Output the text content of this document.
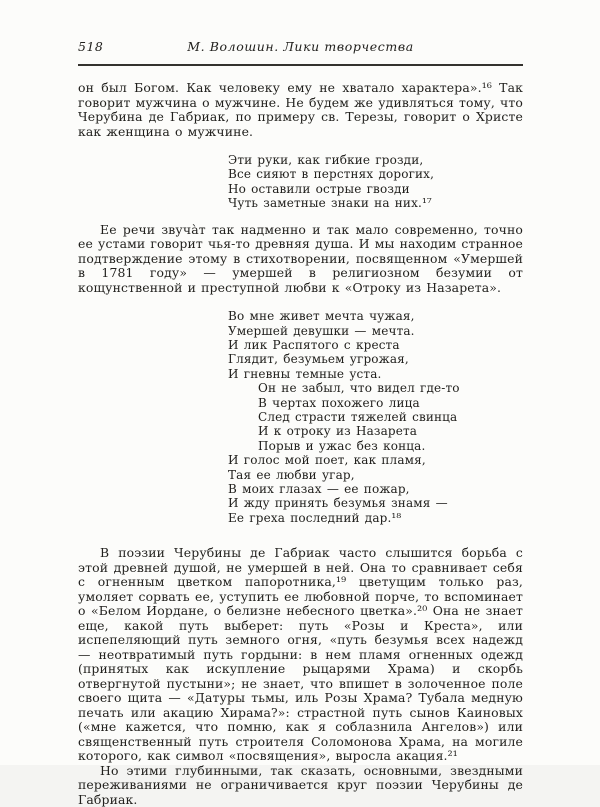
518	М. Волошин. Лики творчества

он был Богом. Как человеку ему не хватало характера».¹⁶ Так говорит мужчина о мужчине. Не будем же удивляться тому, что Черубина де Габриак, по примеру св. Терезы, говорит о Христе как женщина о мужчине.

Эти руки, как гибкие грозди,
Все сияют в перстнях дорогих,
Но оставили острые гвозди
Чуть заметные знаки на них.¹⁷

Ее речи звуча̀т так надменно и так мало современно, точно ее устами говорит чья-то древняя душа. И мы находим странное подтверждение этому в стихотворении, посвященном «Умершей в 1781 году» — умершей в религиозном безумии от кощунственной и преступной любви к «Отроку из Назарета».

Во мне живет мечта чужая,
Умершей девушки — мечта.
И лик Распятого с креста
Глядит, безумьем угрожая,
И гневны темные уста.
Он не забыл, что видел где-то
В чертах похожего лица
След страсти тяжелей свинца
И к отроку из Назарета
Порыв и ужас без конца.
И голос мой поет, как пламя,
Тая ее любви угар,
В моих глазах — ее пожар,
И жду принять безумья знамя —
Ее греха последний дар.¹⁸

В поэзии Черубины де Габриак часто слышится борьба с этой древней душой, не умершей в ней. Она то сравнивает себя с огненным цветком папоротника,¹⁹ цветущим только раз, умоляет сорвать ее, уступить ее любовной порче, то вспоминает о «Белом Иордане, о белизне небесного цветка».²⁰ Она не знает еще, какой путь выберет: путь «Розы и Креста», или испепеляющий путь земного огня, «путь безумья всех надежд — неотвратимый путь гордыни: в нем пламя огненных одежд (принятых как искупление рыцарями Храма) и скорбь отвергнутой пустыни»; не знает, что впишет в золоченное поле своего щита — «Датуры тьмы, иль Розы Храма? Тубала медную печать или акацию Хирама?»: страстной путь сынов Каиновых («мне кажется, что помню, как я соблазнила Ангелов») или священственный путь строителя Соломонова Храма, на могиле которого, как символ «посвящения», выросла акация.²¹

Но этими глубинными, так сказать, основными, звездными переживаниями не ограничивается круг поэзии Черубины де Габриак.
